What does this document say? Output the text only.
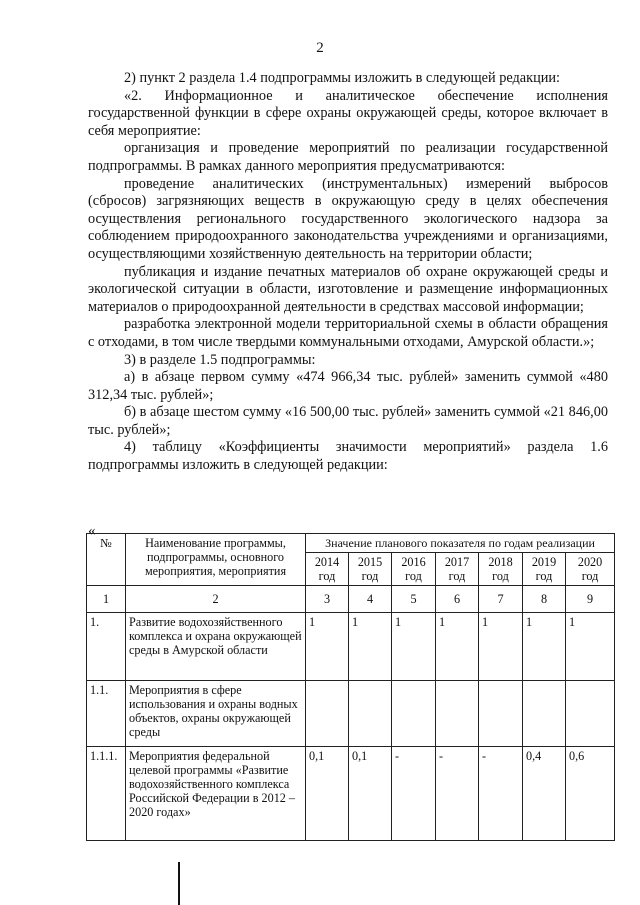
2

2) пункт 2 раздела 1.4 подпрограммы изложить в следующей редакции:

«2. Информационное и аналитическое обеспечение исполнения государственной функции в сфере охраны окружающей среды, которое включает в себя мероприятие:

организация и проведение мероприятий по реализации государственной подпрограммы. В рамках данного мероприятия предусматриваются:

проведение аналитических (инструментальных) измерений выбросов (сбросов) загрязняющих веществ в окружающую среду в целях обеспечения осуществления регионального государственного экологического надзора за соблюдением природоохранного законодательства учреждениями и организациями, осуществляющими хозяйственную деятельность на территории области;

публикация и издание печатных материалов об охране окружающей среды и экологической ситуации в области, изготовление и размещение информационных материалов о природоохранной деятельности в средствах массовой информации;

разработка электронной модели территориальной схемы в области обращения с отходами, в том числе твердыми коммунальными отходами, Амурской области.»;

3) в разделе 1.5 подпрограммы:

а) в абзаце первом сумму «474 966,34 тыс. рублей» заменить суммой «480 312,34 тыс. рублей»;

б) в абзаце шестом сумму «16 500,00 тыс. рублей» заменить суммой «21 846,00 тыс. рублей»;

4) таблицу «Коэффициенты значимости мероприятий» раздела 1.6 подпрограммы изложить в следующей редакции:

«
№	Наименование программы, подпрограммы, основного мероприятия, мероприятия	Значение планового показателя по годам реализации						
		2014 год	2015 год	2016 год	2017 год	2018 год	2019 год	2020 год
1	2	3	4	5	6	7	8	9
1.	Развитие водохозяйственного комплекса и охрана окружающей среды в Амурской области	1	1	1	1	1	1	1
1.1.	Мероприятия в сфере использования и охраны водных объектов, охраны окружающей среды							
1.1.1.	Мероприятия федеральной целевой программы «Развитие водохозяйственного комплекса Российской Федерации в 2012 – 2020 годах»	0,1	0,1	-	-	-	0,4	0,6
